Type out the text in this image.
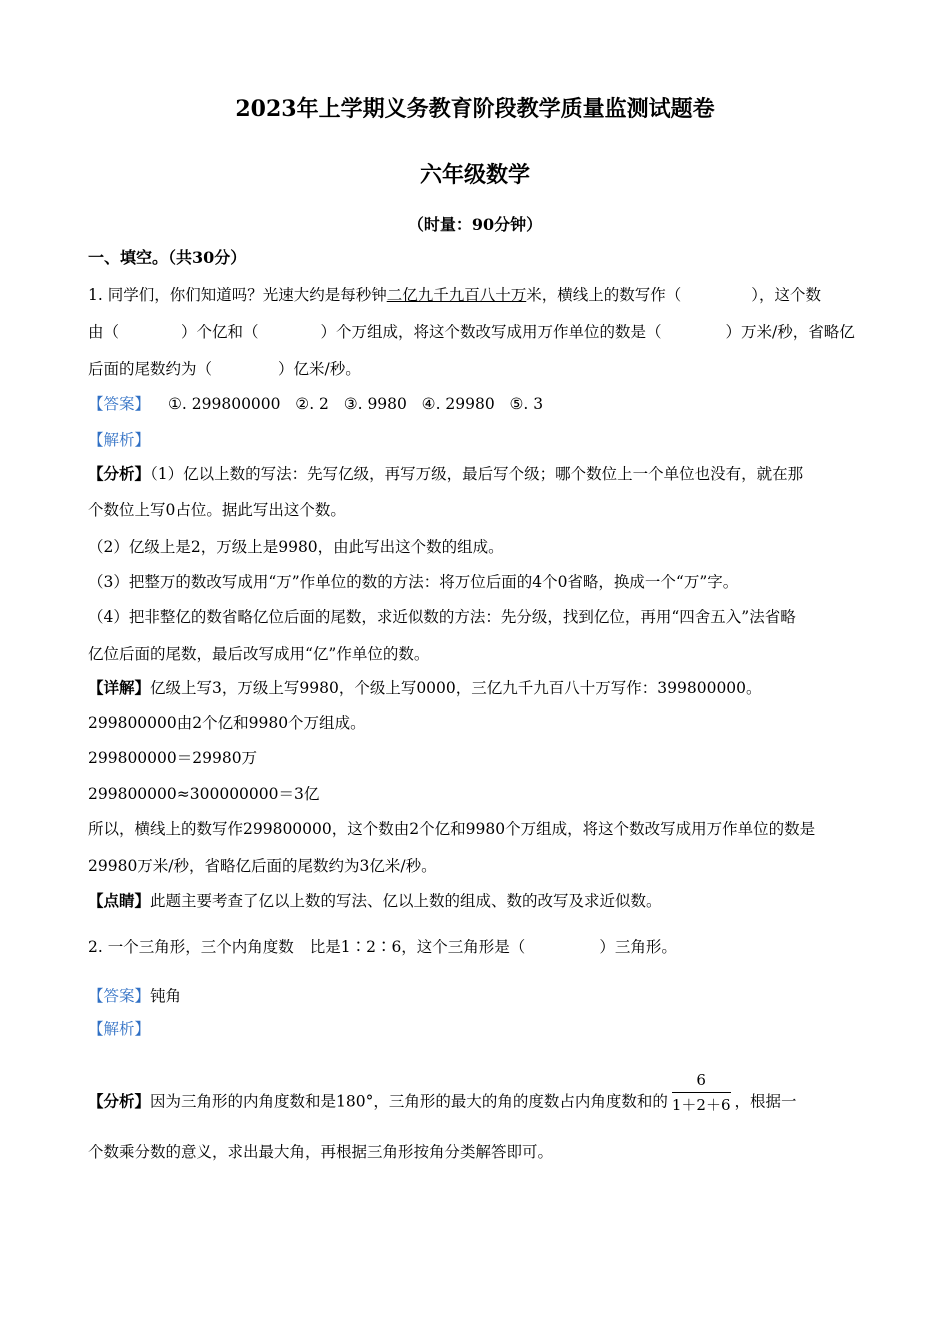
2023年上学期义务教育阶段教学质量监测试题卷
六年级数学
（时量：90分钟）
一、填空。（共30分）
1. 同学们，你们知道吗？光速大约是每秒钟二亿九千九百八十万米，横线上的数写作（	），这个数
由（	）个亿和（	）个万组成，将这个数改写成用万作单位的数是（	）万米/秒，省略亿
后面的尾数约为（	）亿米/秒。
【答案】 ①. 299800000   ②. 2   ③. 9980   ④. 29980   ⑤. 3
【解析】
【分析】（1）亿以上数的写法：先写亿级，再写万级，最后写个级；哪个数位上一个单位也没有，就在那
个数位上写0占位。据此写出这个数。
（2）亿级上是2，万级上是9980，由此写出这个数的组成。
（3）把整万的数改写成用“万”作单位的数的方法：将万位后面的4个0省略，换成一个“万”字。
（4）把非整亿的数省略亿位后面的尾数，求近似数的方法：先分级，找到亿位，再用“四舍五入”法省略
亿位后面的尾数，最后改写成用“亿”作单位的数。
【详解】亿级上写3，万级上写9980，个级上写0000，三亿九千九百八十万写作：399800000。
299800000由2个亿和9980个万组成。
299800000＝29980万
299800000≈300000000＝3亿
所以，横线上的数写作299800000，这个数由2个亿和9980个万组成，将这个数改写成用万作单位的数是
29980万米/秒，省略亿后面的尾数约为3亿米/秒。
【点睛】此题主要考查了亿以上数的写法、亿以上数的组成、数的改写及求近似数。
2. 一个三角形，三个内角度数 比是1∶2∶6，这个三角形是（	）三角形。
【答案】钝角
【解析】
【分析】因为三角形的内角度数和是180°，三角形的最大的角的度数占内角度数和的 $\frac{6}{1+2+6}$ ，根据一
个数乘分数的意义，求出最大角，再根据三角形按角分类解答即可。
